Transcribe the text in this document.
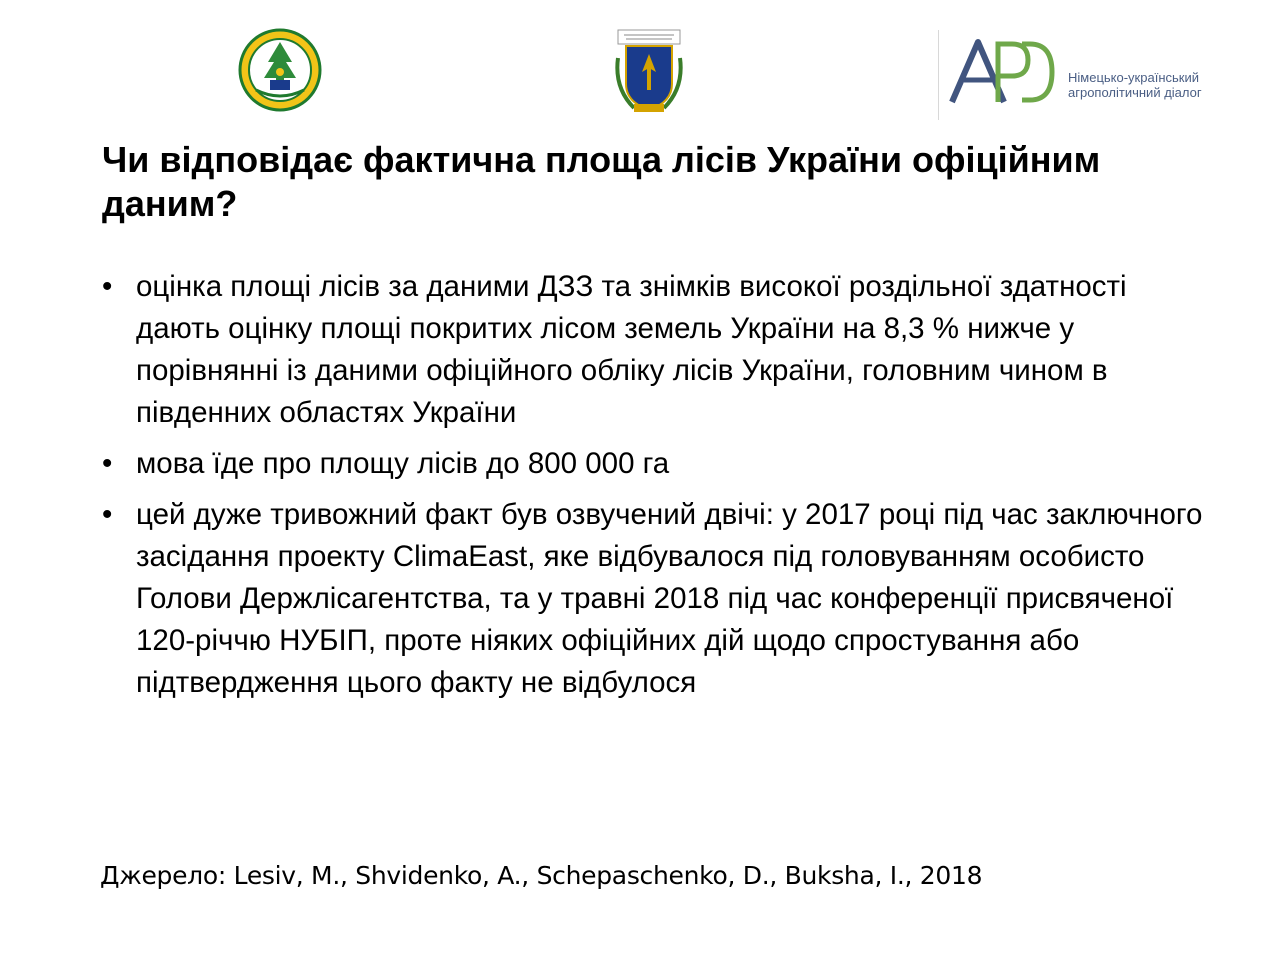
Німецько-український
агрополітичний діалог
Чи відповідає фактична площа лісів України офіційним даним?
• оцінка площі лісів за даними ДЗЗ та знімків високої роздільної здатності дають оцінку площі покритих лісом земель України на 8,3 % нижче у порівнянні із даними офіційного обліку лісів України, головним чином в південних областях України
• мова їде про площу лісів до 800 000 га
• цей дуже тривожний факт був озвучений двічі: у 2017 році під час заключного засідання проекту ClimaEast, яке відбувалося під головуванням особисто Голови Держлісагентства, та у травні 2018 під час конференції присвяченої 120-річчю НУБІП, проте ніяких офіційних дій щодо спростування або підтвердження цього факту не відбулося
Джерело: Lesiv, M., Shvidenko, A., Schepaschenko, D., Buksha, I., 2018
